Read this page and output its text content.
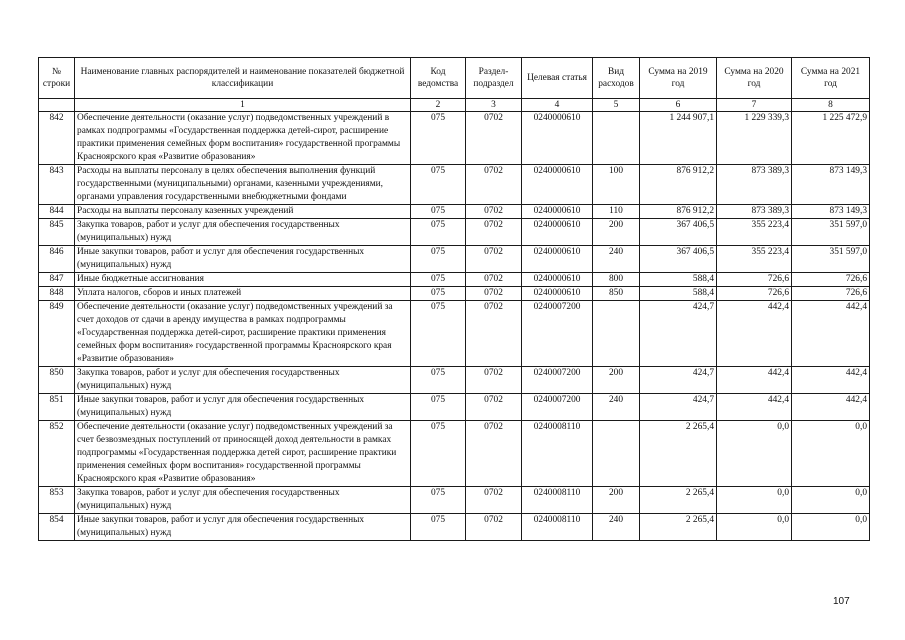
№ строки	Наименование главных распорядителей и наименование показателей бюджетной классификации	Код ведомства	Раздел-подраздел	Целевая статья	Вид расходов	Сумма на 2019 год	Сумма на 2020 год	Сумма на 2021 год
	1	2	3	4	5	6	7	8
842	Обеспечение деятельности (оказание услуг) подведомственных учреждений в рамках подпрограммы «Государственная поддержка детей-сирот, расширение практики применения семейных форм воспитания» государственной программы Красноярского края «Развитие образования»	075	0702	0240000610		1 244 907,1	1 229 339,3	1 225 472,9
843	Расходы на выплаты персоналу в целях обеспечения выполнения функций государственными (муниципальными) органами, казенными учреждениями, органами управления государственными внебюджетными фондами	075	0702	0240000610	100	876 912,2	873 389,3	873 149,3
844	Расходы на выплаты персоналу казенных учреждений	075	0702	0240000610	110	876 912,2	873 389,3	873 149,3
845	Закупка товаров, работ и услуг для обеспечения государственных (муниципальных) нужд	075	0702	0240000610	200	367 406,5	355 223,4	351 597,0
846	Иные закупки товаров, работ и услуг для обеспечения государственных (муниципальных) нужд	075	0702	0240000610	240	367 406,5	355 223,4	351 597,0
847	Иные бюджетные ассигнования	075	0702	0240000610	800	588,4	726,6	726,6
848	Уплата налогов, сборов и иных платежей	075	0702	0240000610	850	588,4	726,6	726,6
849	Обеспечение деятельности (оказание услуг) подведомственных учреждений за счет доходов от сдачи в аренду имущества в рамках подпрограммы «Государственная поддержка детей-сирот, расширение практики применения семейных форм воспитания» государственной программы Красноярского края «Развитие образования»	075	0702	0240007200		424,7	442,4	442,4
850	Закупка товаров, работ и услуг для обеспечения государственных (муниципальных) нужд	075	0702	0240007200	200	424,7	442,4	442,4
851	Иные закупки товаров, работ и услуг для обеспечения государственных (муниципальных) нужд	075	0702	0240007200	240	424,7	442,4	442,4
852	Обеспечение деятельности (оказание услуг) подведомственных учреждений за счет безвозмездных поступлений от приносящей доход деятельности в рамках подпрограммы «Государственная поддержка детей сирот, расширение практики применения семейных форм воспитания» государственной программы Красноярского края «Развитие образования»	075	0702	0240008110		2 265,4	0,0	0,0
853	Закупка товаров, работ и услуг для обеспечения государственных (муниципальных) нужд	075	0702	0240008110	200	2 265,4	0,0	0,0
854	Иные закупки товаров, работ и услуг для обеспечения государственных (муниципальных) нужд	075	0702	0240008110	240	2 265,4	0,0	0,0
107
